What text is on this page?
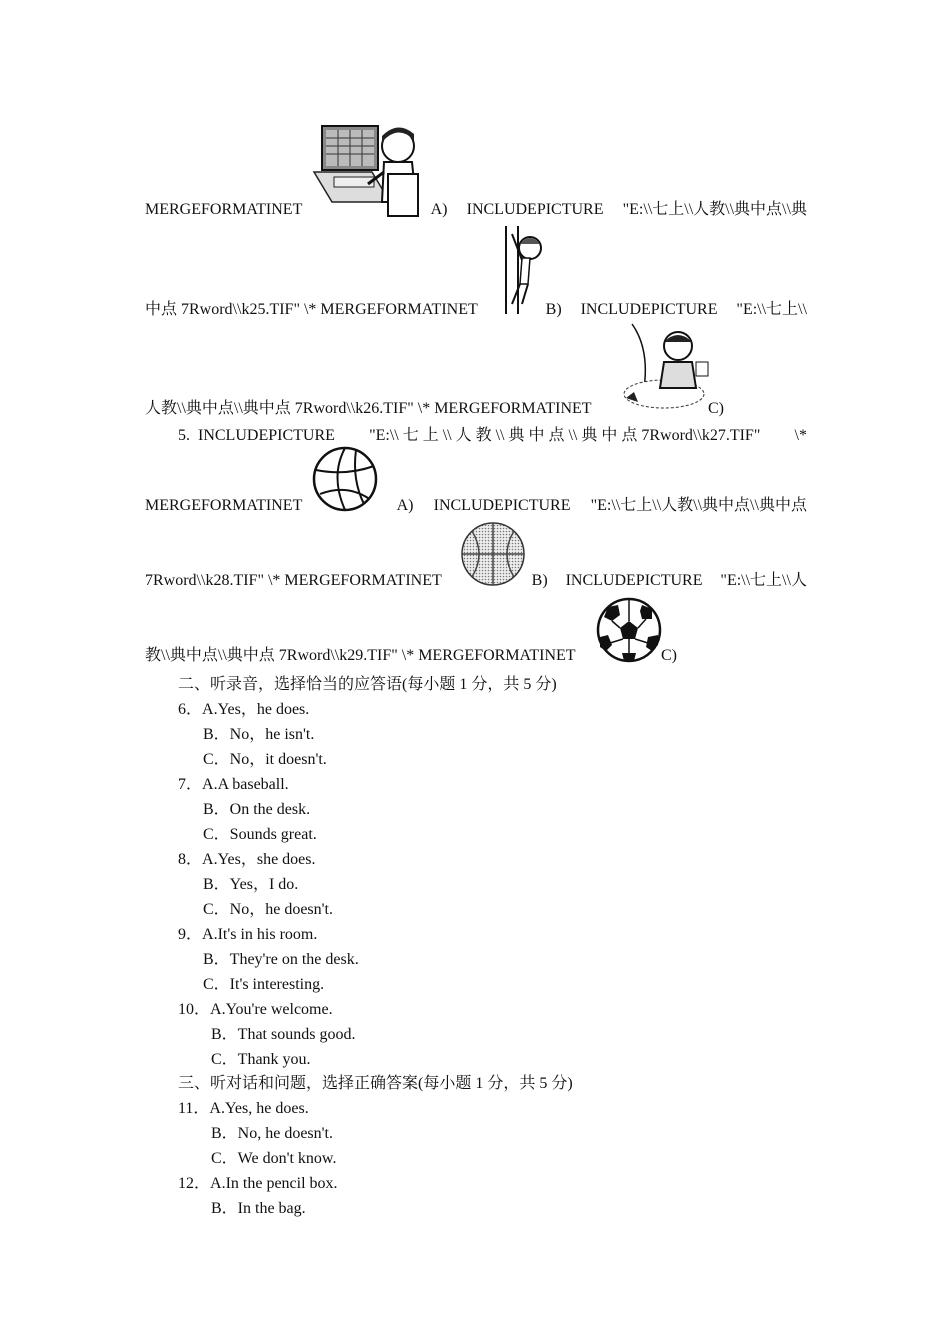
MERGEFORMATINET	A) INCLUDEPICTURE "E:\\七上\\人教\\典中点\\典
中点 7Rword\\k25.TIF" \* MERGEFORMATINET	B) INCLUDEPICTURE "E:\\七上\\
人教\\典中点\\典中点 7Rword\\k26.TIF" \* MERGEFORMATINET	C)
5. INCLUDEPICTURE "E:\\ 七 上 \\ 人 教 \\ 典 中 点 \\ 典 中 点 7Rword\\k27.TIF" \*
MERGEFORMATINET	A) INCLUDEPICTURE "E:\\七上\\人教\\典中点\\典中点
7Rword\\k28.TIF" \* MERGEFORMATINET	B) INCLUDEPICTURE "E:\\七上\\人
教\\典中点\\典中点 7Rword\\k29.TIF" \* MERGEFORMATINET	C)
二、听录音，选择恰当的应答语(每小题 1 分，共 5 分)
6．A.Yes，he does.
B．No，he isn't.
C．No，it doesn't.
7．A.A baseball.
B．On the desk.
C．Sounds great.
8．A.Yes，she does.
B．Yes，I do.
C．No，he doesn't.
9．A.It's in his room.
B．They're on the desk.
C．It's interesting.
10．A.You're welcome.
B．That sounds good.
C．Thank you.
三、听对话和问题，选择正确答案(每小题 1 分，共 5 分)
11．A.Yes, he does.
B．No, he doesn't.
C．We don't know.
12．A.In the pencil box.
B．In the bag.
